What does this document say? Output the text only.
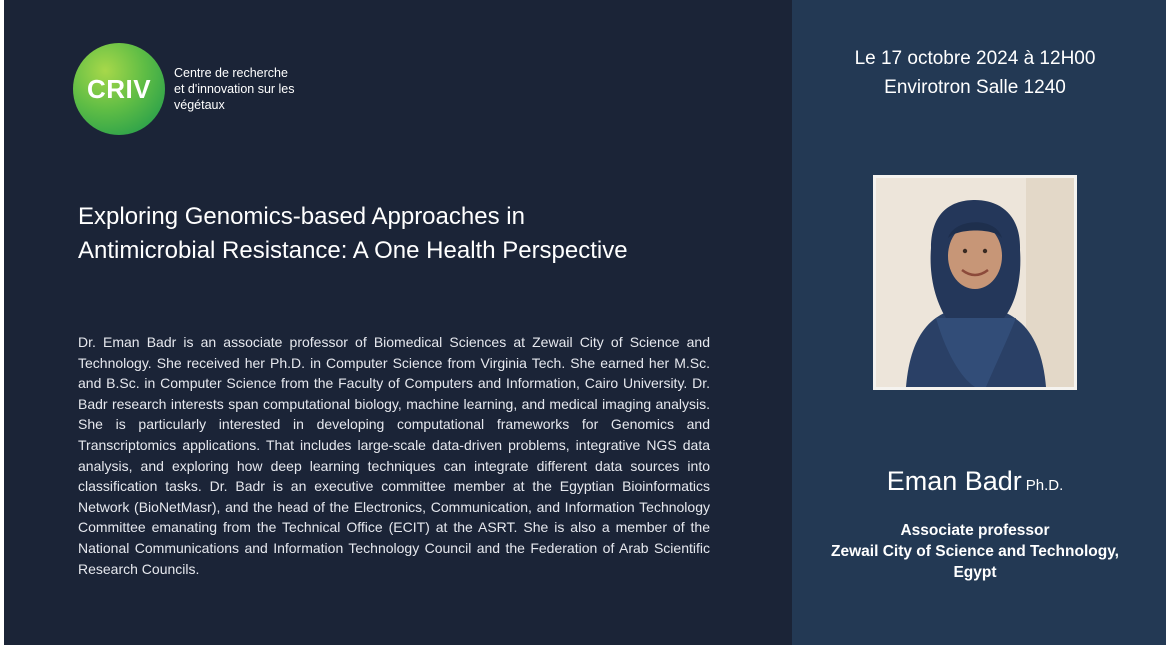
CRIV
Centre de recherche
et d'innovation sur les
végétaux
Exploring Genomics-based Approaches in
Antimicrobial Resistance: A One Health Perspective
Dr. Eman Badr is an associate professor of Biomedical Sciences at Zewail City of Science and Technology. She received her Ph.D. in Computer Science from Virginia Tech. She earned her M.Sc. and B.Sc. in Computer Science from the Faculty of Computers and Information, Cairo University. Dr. Badr research interests span computational biology, machine learning, and medical imaging analysis. She is particularly interested in developing computational frameworks for Genomics and Transcriptomics applications. That includes large-scale data-driven problems, integrative NGS data analysis, and exploring how deep learning techniques can integrate different data sources into classification tasks. Dr. Badr is an executive committee member at the Egyptian Bioinformatics Network (BioNetMasr), and the head of the Electronics, Communication, and Information Technology Committee emanating from the Technical Office (ECIT) at the ASRT. She is also a member of the National Communications and Information Technology Council and the Federation of Arab Scientific Research Councils.
Le 17 octobre 2024 à 12H00
Envirotron Salle 1240
Eman Badr Ph.D.
Associate professor
Zewail City of Science and Technology,
Egypt
